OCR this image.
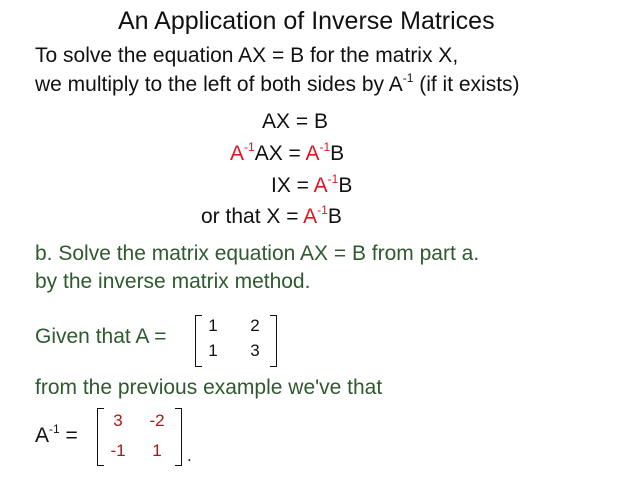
An Application of Inverse Matrices
To solve the equation AX = B for the matrix X,
we multiply to the left of both sides by $A^{-1}$ (if it exists)
AX = B
$A^{-1}AX = A^{-1}B$
IX = $A^{-1}B$
or that $X = A^{-1}B$
b. Solve the matrix equation AX = B from part a.
by the inverse matrix method.
Given that A =	1	2
1	3
from the previous example we've that
$A^{-1}$ =
3	-2
-1	1	.
